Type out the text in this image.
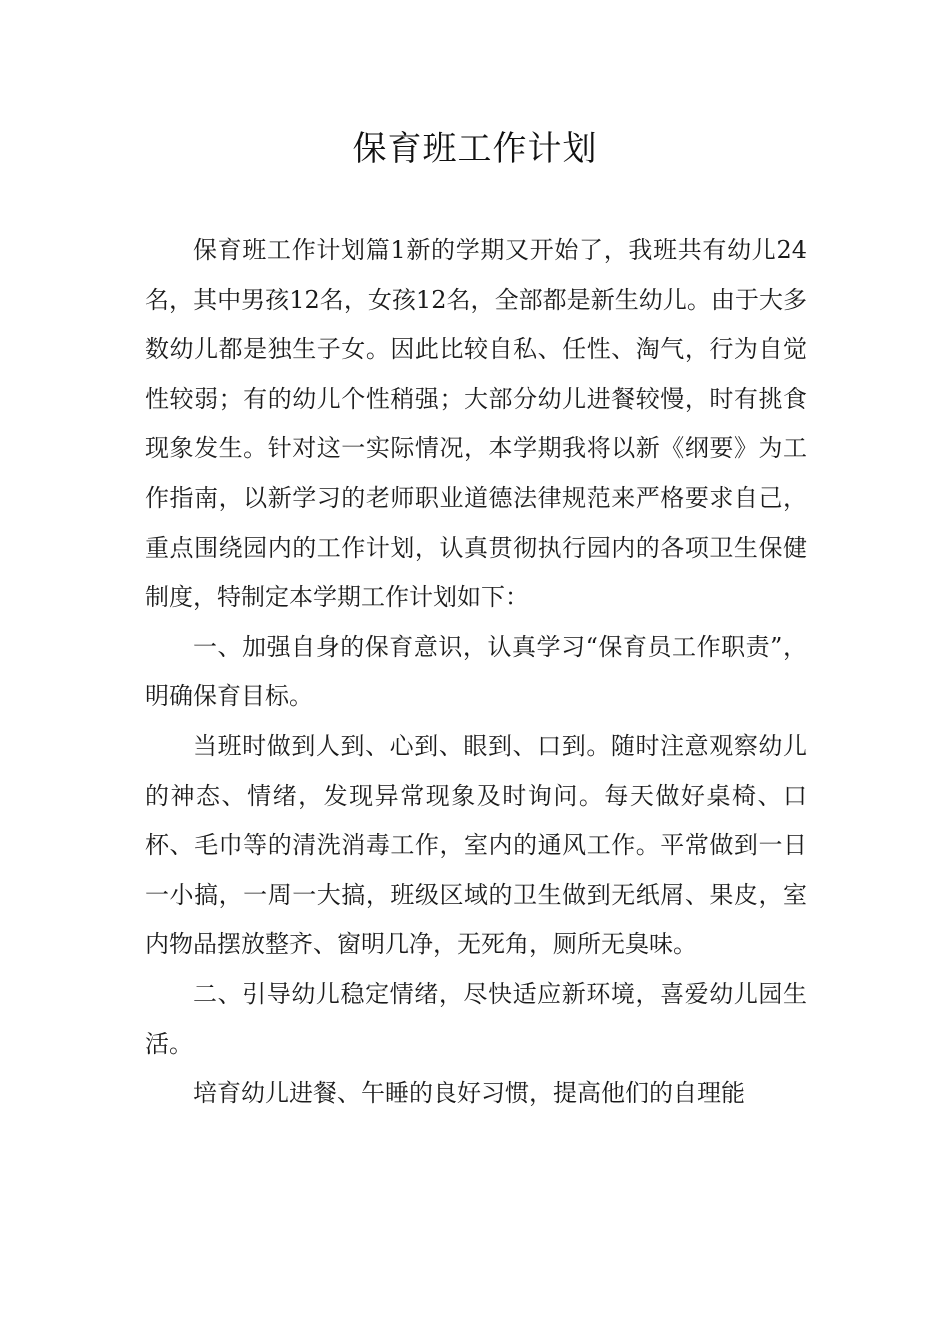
保育班工作计划

保育班工作计划篇1新的学期又开始了，我班共有幼儿24名，其中男孩12名，女孩12名，全部都是新生幼儿。由于大多数幼儿都是独生子女。因此比较自私、任性、淘气，行为自觉性较弱；有的幼儿个性稍强；大部分幼儿进餐较慢，时有挑食现象发生。针对这一实际情况，本学期我将以新《纲要》为工作指南，以新学习的老师职业道德法律规范来严格要求自己，重点围绕园内的工作计划，认真贯彻执行园内的各项卫生保健制度，特制定本学期工作计划如下：

一、加强自身的保育意识，认真学习“保育员工作职责”，明确保育目标。

当班时做到人到、心到、眼到、口到。随时注意观察幼儿的神态、情绪，发现异常现象及时询问。每天做好桌椅、口杯、毛巾等的清洗消毒工作，室内的通风工作。平常做到一日一小搞，一周一大搞，班级区域的卫生做到无纸屑、果皮，室内物品摆放整齐、窗明几净，无死角，厕所无臭味。

二、引导幼儿稳定情绪，尽快适应新环境，喜爱幼儿园生活。

培育幼儿进餐、午睡的良好习惯，提高他们的自理能
